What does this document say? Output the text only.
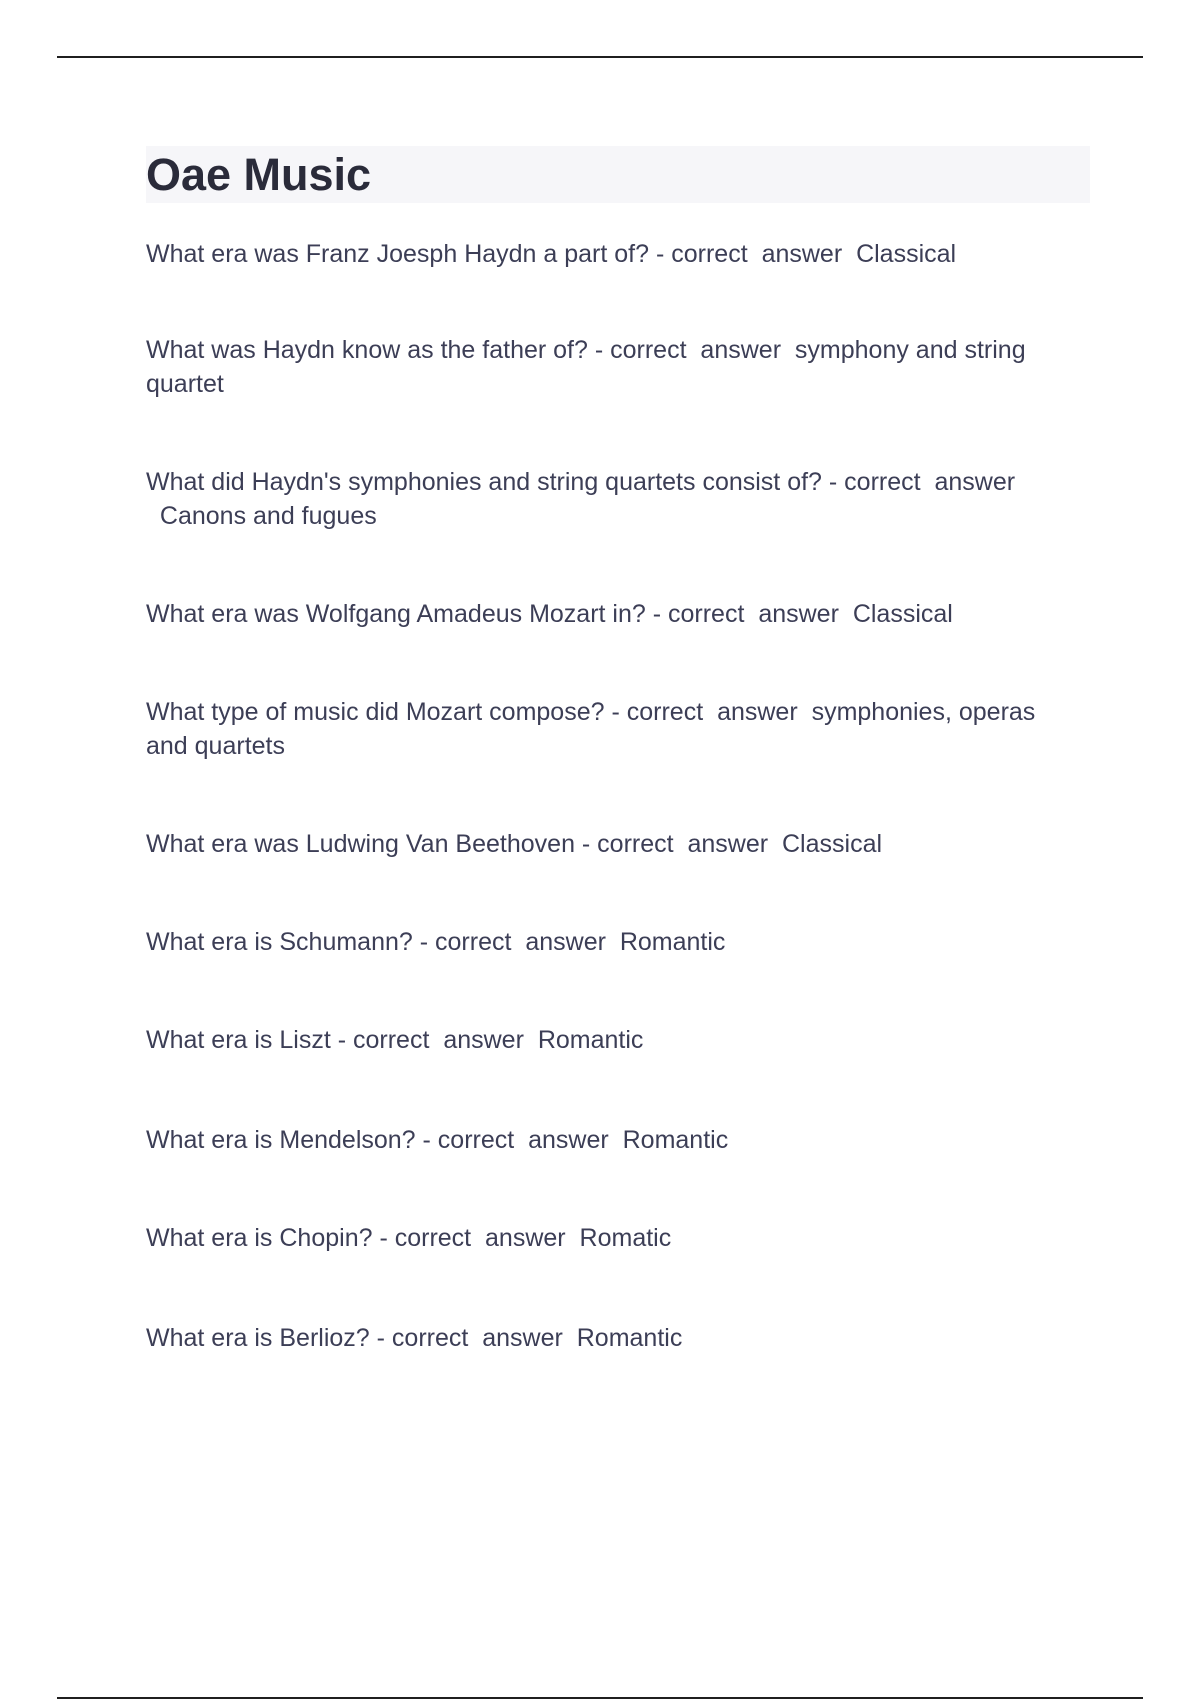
Oae Music
What era was Franz Joesph Haydn a part of? - correct answer Classical
What was Haydn know as the father of? - correct answer symphony and string quartet
What did Haydn's symphonies and string quartets consist of? - correct answer  Canons and fugues
What era was Wolfgang Amadeus Mozart in? - correct answer Classical
What type of music did Mozart compose? - correct answer symphonies, operas and quartets
What era was Ludwing Van Beethoven - correct answer Classical
What era is Schumann? - correct answer Romantic
What era is Liszt - correct answer Romantic
What era is Mendelson? - correct answer Romantic
What era is Chopin? - correct answer Romatic
What era is Berlioz? - correct answer Romantic
